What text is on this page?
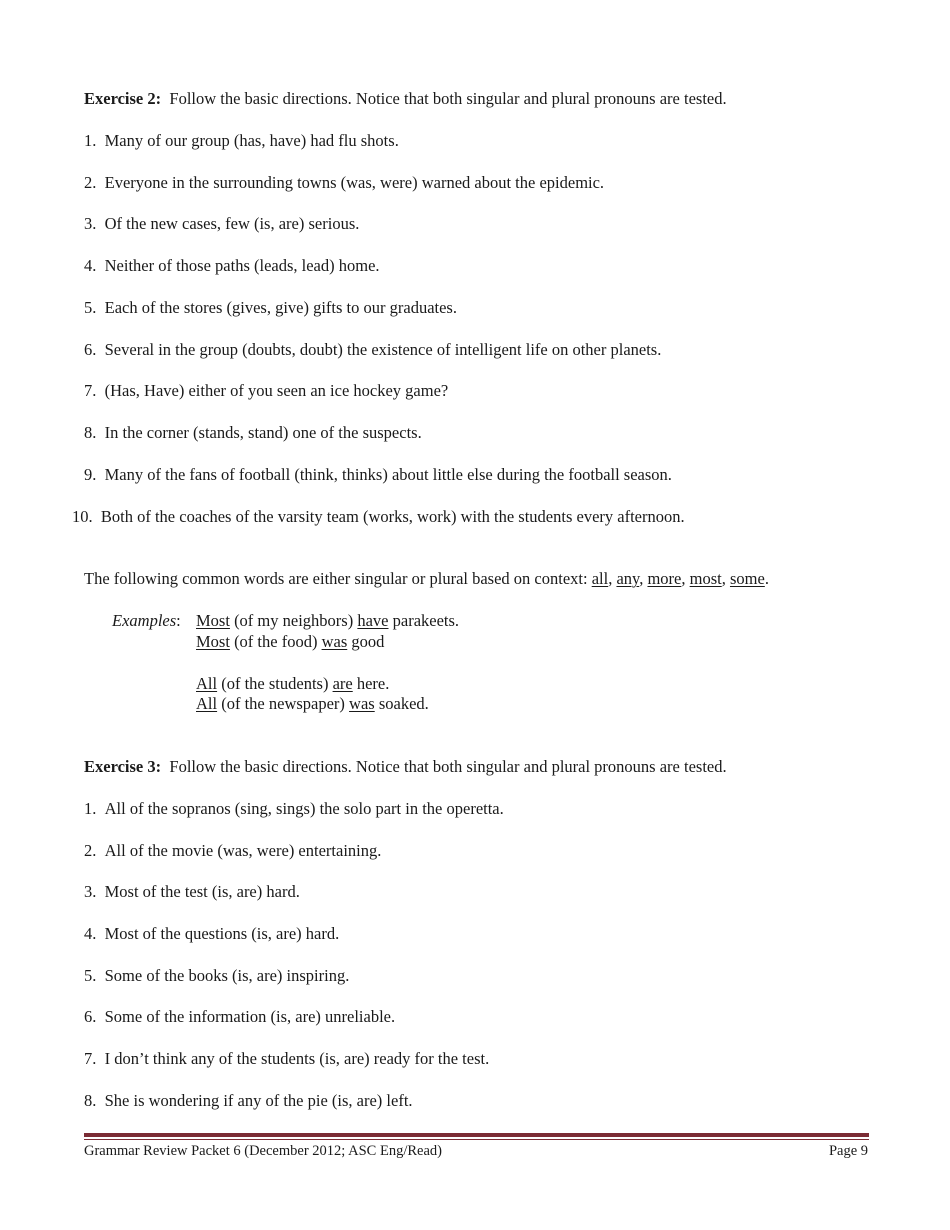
Exercise 2: Follow the basic directions. Notice that both singular and plural pronouns are tested.
1. Many of our group (has, have) had flu shots.
2. Everyone in the surrounding towns (was, were) warned about the epidemic.
3. Of the new cases, few (is, are) serious.
4. Neither of those paths (leads, lead) home.
5. Each of the stores (gives, give) gifts to our graduates.
6. Several in the group (doubts, doubt) the existence of intelligent life on other planets.
7. (Has, Have) either of you seen an ice hockey game?
8. In the corner (stands, stand) one of the suspects.
9. Many of the fans of football (think, thinks) about little else during the football season.
10. Both of the coaches of the varsity team (works, work) with the students every afternoon.
The following common words are either singular or plural based on context: all, any, more, most, some.
Examples: Most (of my neighbors) have parakeets.
Most (of the food) was good
All (of the students) are here.
All (of the newspaper) was soaked.
Exercise 3: Follow the basic directions. Notice that both singular and plural pronouns are tested.
1. All of the sopranos (sing, sings) the solo part in the operetta.
2. All of the movie (was, were) entertaining.
3. Most of the test (is, are) hard.
4. Most of the questions (is, are) hard.
5. Some of the books (is, are) inspiring.
6. Some of the information (is, are) unreliable.
7. I don’t think any of the students (is, are) ready for the test.
8. She is wondering if any of the pie (is, are) left.
Grammar Review Packet 6 (December 2012; ASC Eng/Read)	Page 9
